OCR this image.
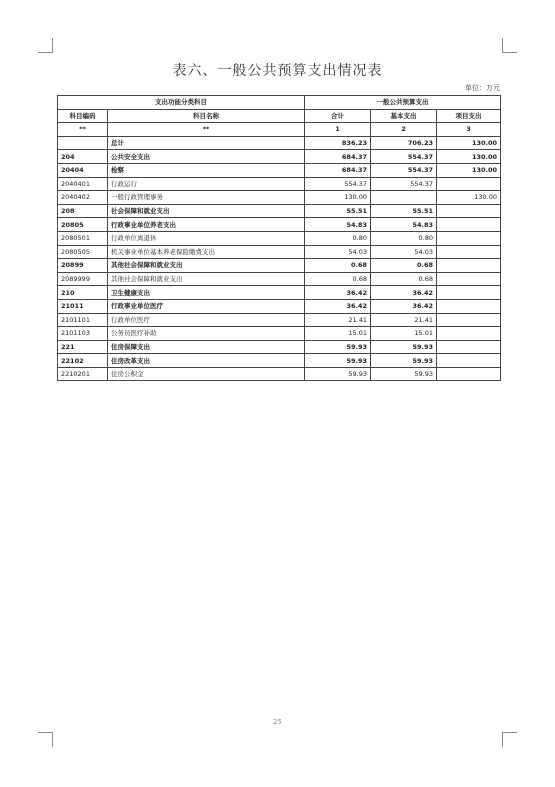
表六、一般公共预算支出情况表
单位：万元
支出功能分类科目		一般公共预算支出		
科目编码	科目名称	合计	基本支出	项目支出
**	**	1	2	3
	总计	836.23	706.23	130.00
204	公共安全支出	684.37	554.37	130.00
20404	检察	684.37	554.37	130.00
2040401	行政运行	554.37	554.37	
2040402	一般行政管理事务	130.00		130.00
208	社会保障和就业支出	55.51	55.51	
20805	行政事业单位养老支出	54.83	54.83	
2080501	行政单位离退休	0.80	0.80	
2080505	机关事业单位基本养老保险缴费支出	54.03	54.03	
20899	其他社会保障和就业支出	0.68	0.68	
2089999	其他社会保障和就业支出	0.68	0.68	
210	卫生健康支出	36.42	36.42	
21011	行政事业单位医疗	36.42	36.42	
2101101	行政单位医疗	21.41	21.41	
2101103	公务员医疗补助	15.01	15.01	
221	住房保障支出	59.93	59.93	
22102	住房改革支出	59.93	59.93	
2210201	住房公积金	59.93	59.93	
25
